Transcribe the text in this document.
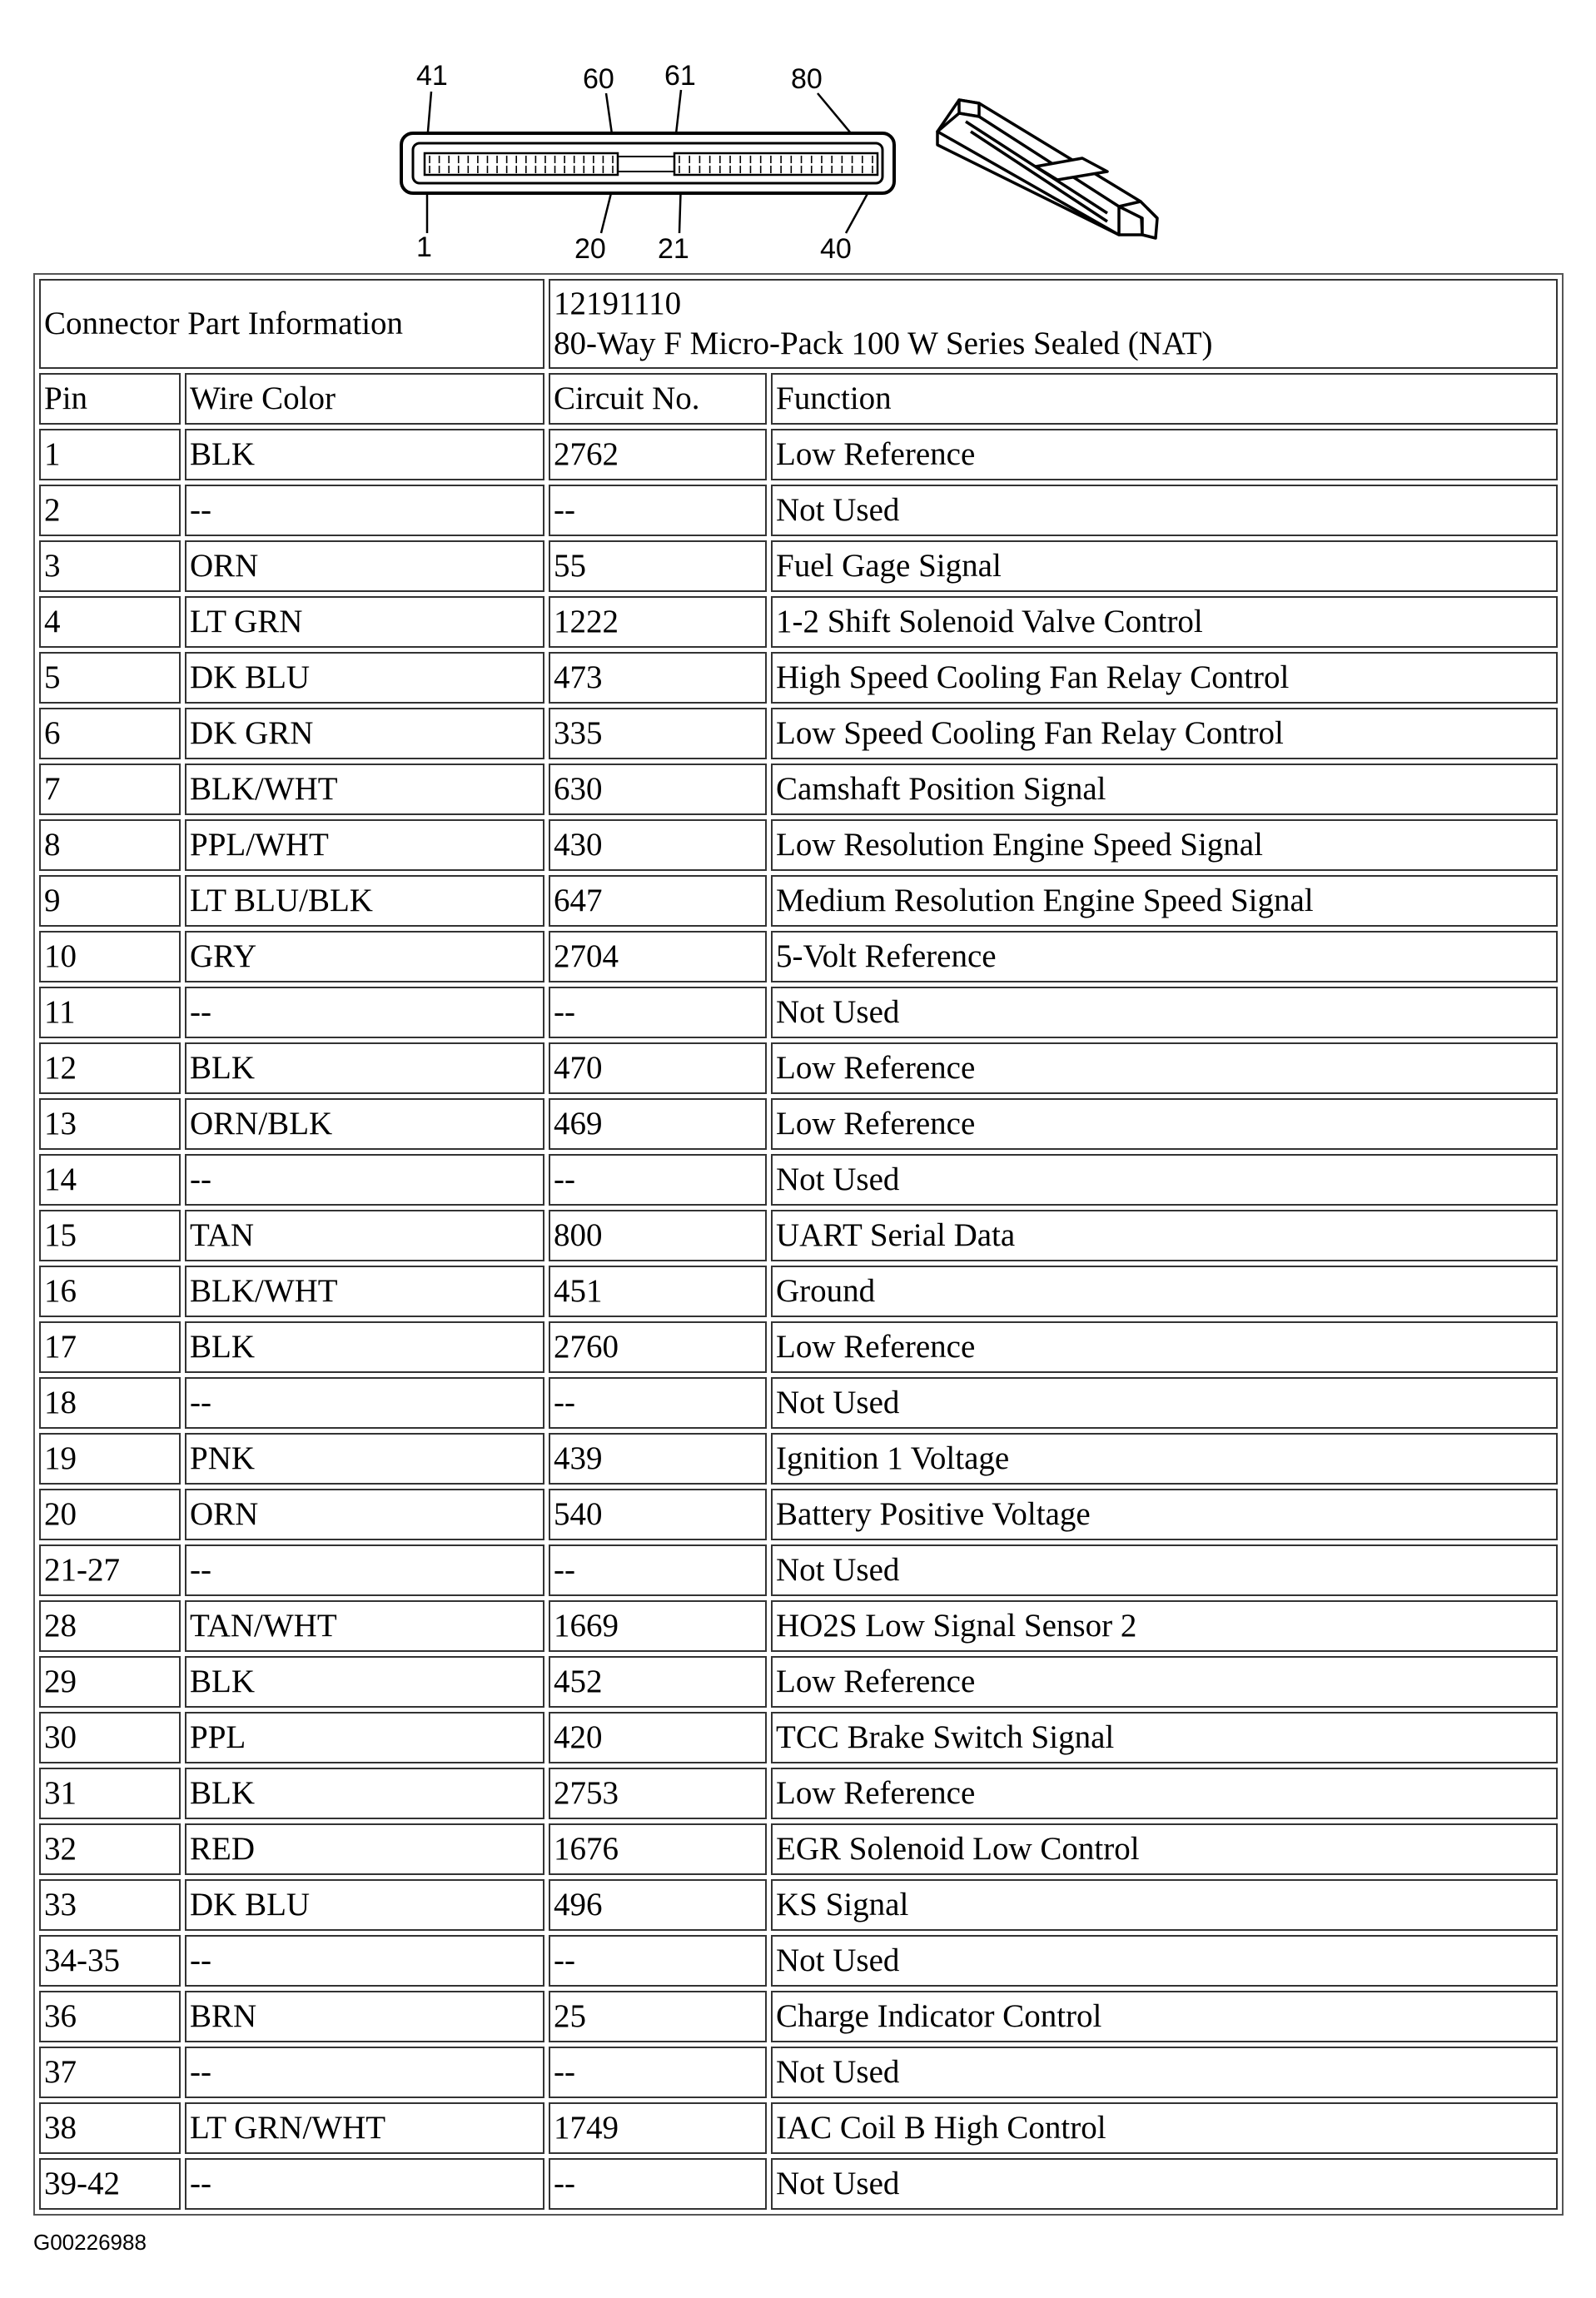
41	60 61	80
1	20 21	40
Connector Part Information		12191110
80-Way F Micro-Pack 100 W Series Sealed (NAT)	

Pin	Wire Color	Circuit No.	Function
1	BLK	2762	Low Reference
2	--	--	Not Used
3	ORN	55	Fuel Gage Signal
4	LT GRN	1222	1-2 Shift Solenoid Valve Control
5	DK BLU	473	High Speed Cooling Fan Relay Control
6	DK GRN	335	Low Speed Cooling Fan Relay Control
7	BLK/WHT	630	Camshaft Position Signal
8	PPL/WHT	430	Low Resolution Engine Speed Signal
9	LT BLU/BLK	647	Medium Resolution Engine Speed Signal
10	GRY	2704	5-Volt Reference
11	--	--	Not Used
12	BLK	470	Low Reference
13	ORN/BLK	469	Low Reference
14	--	--	Not Used
15	TAN	800	UART Serial Data
16	BLK/WHT	451	Ground
17	BLK	2760	Low Reference
18	--	--	Not Used
19	PNK	439	Ignition 1 Voltage
20	ORN	540	Battery Positive Voltage
21-27	--	--	Not Used
28	TAN/WHT	1669	HO2S Low Signal Sensor 2
29	BLK	452	Low Reference
30	PPL	420	TCC Brake Switch Signal
31	BLK	2753	Low Reference
32	RED	1676	EGR Solenoid Low Control
33	DK BLU	496	KS Signal
34-35	--	--	Not Used
36	BRN	25	Charge Indicator Control
37	--	--	Not Used
38	LT GRN/WHT	1749	IAC Coil B High Control
39-42	--	--	Not Used
G00226988
